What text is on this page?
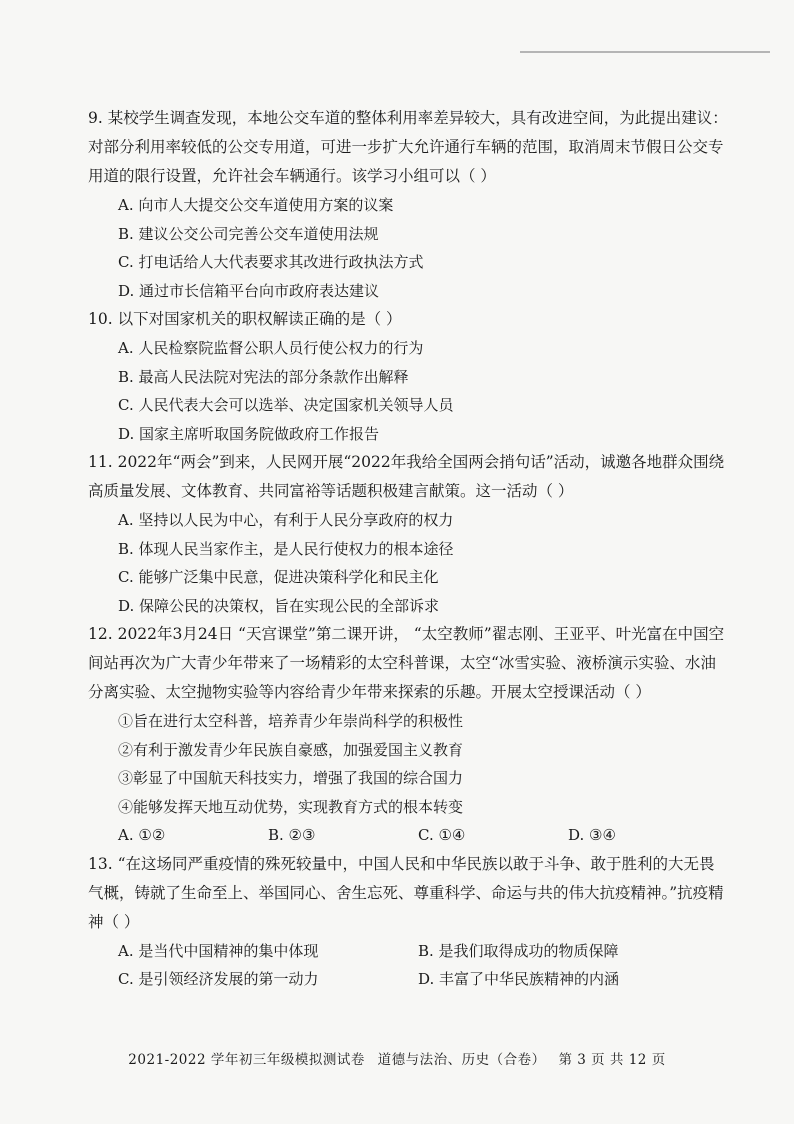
9. 某校学生调查发现，本地公交车道的整体利用率差异较大，具有改进空间，为此提出建议：对部分利用率较低的公交专用道，可进一步扩大允许通行车辆的范围，取消周末节假日公交专用道的限行设置，允许社会车辆通行。该学习小组可以（ ）
A. 向市人大提交公交车道使用方案的议案
B. 建议公交公司完善公交车道使用法规
C. 打电话给人大代表要求其改进行政执法方式
D. 通过市长信箱平台向市政府表达建议
10. 以下对国家机关的职权解读正确的是（ ）
A. 人民检察院监督公职人员行使公权力的行为
B. 最高人民法院对宪法的部分条款作出解释
C. 人民代表大会可以选举、决定国家机关领导人员
D. 国家主席听取国务院做政府工作报告
11. 2022年“两会”到来，人民网开展“2022年我给全国两会捎句话”活动，诚邀各地群众围绕高质量发展、文体教育、共同富裕等话题积极建言献策。这一活动（ ）
A. 坚持以人民为中心，有利于人民分享政府的权力
B. 体现人民当家作主，是人民行使权力的根本途径
C. 能够广泛集中民意，促进决策科学化和民主化
D. 保障公民的决策权，旨在实现公民的全部诉求
12. 2022年3月24日 “天宫课堂”第二课开讲， “太空教师”翟志刚、王亚平、叶光富在中国空间站再次为广大青少年带来了一场精彩的太空科普课，太空“冰雪实验、液桥演示实验、水油分离实验、太空抛物实验等内容给青少年带来探索的乐趣。开展太空授课活动（ ）
①旨在进行太空科普，培养青少年崇尚科学的积极性
②有利于激发青少年民族自豪感，加强爱国主义教育
③彰显了中国航天科技实力，增强了我国的综合国力
④能够发挥天地互动优势，实现教育方式的根本转变
A. ①②	B. ②③	C. ①④	D. ③④
13. “在这场同严重疫情的殊死较量中，中国人民和中华民族以敢于斗争、敢于胜利的大无畏气概，铸就了生命至上、举国同心、舍生忘死、尊重科学、命运与共的伟大抗疫精神。”抗疫精神（ ）
A. 是当代中国精神的集中体现	B. 是我们取得成功的物质保障
C. 是引领经济发展的第一动力	D. 丰富了中华民族精神的内涵
2021-2022 学年初三年级模拟测试卷 道德与法治、历史（合卷） 第 3 页 共 12 页
